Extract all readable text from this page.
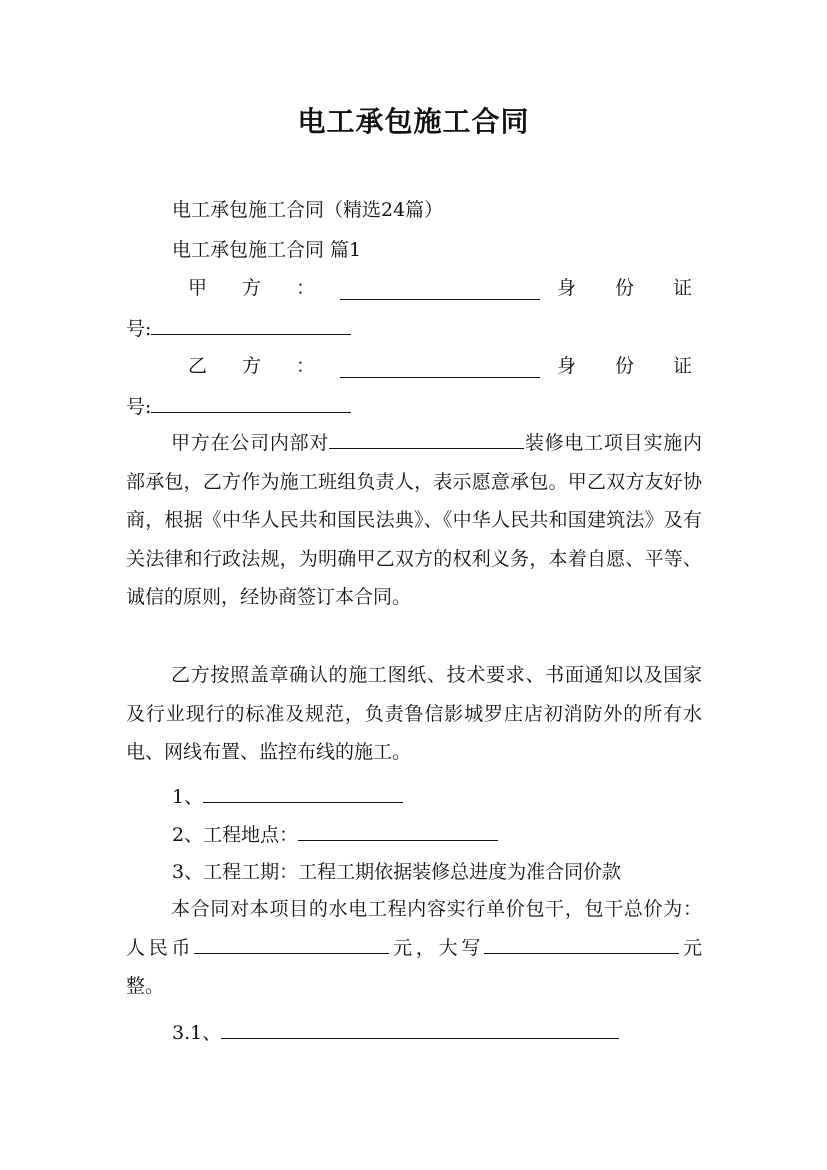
电工承包施工合同
电工承包施工合同（精选24篇）
电工承包施工合同 篇1
甲　方　：	身　份　证
号:
乙　方　：	身　份　证
号:

甲方在公司内部对	装修电工项目实施内部承包，乙方作为施工班组负责人，表示愿意承包。甲乙双方友好协商，根据《中华人民共和国民法典》、《中华人民共和国建筑法》及有关法律和行政法规，为明确甲乙双方的权利义务，本着自愿、平等、诚信的原则，经协商签订本合同。

乙方按照盖章确认的施工图纸、技术要求、书面通知以及国家及行业现行的标准及规范，负责鲁信影城罗庄店初消防外的所有水电、网线布置、监控布线的施工。

1、
2、工程地点：
3、工程工期：工程工期依据装修总进度为准合同价款

本合同对本项目的水电工程内容实行单价包干，包干总价为：人民币	元，大写	元整。

3.1、
